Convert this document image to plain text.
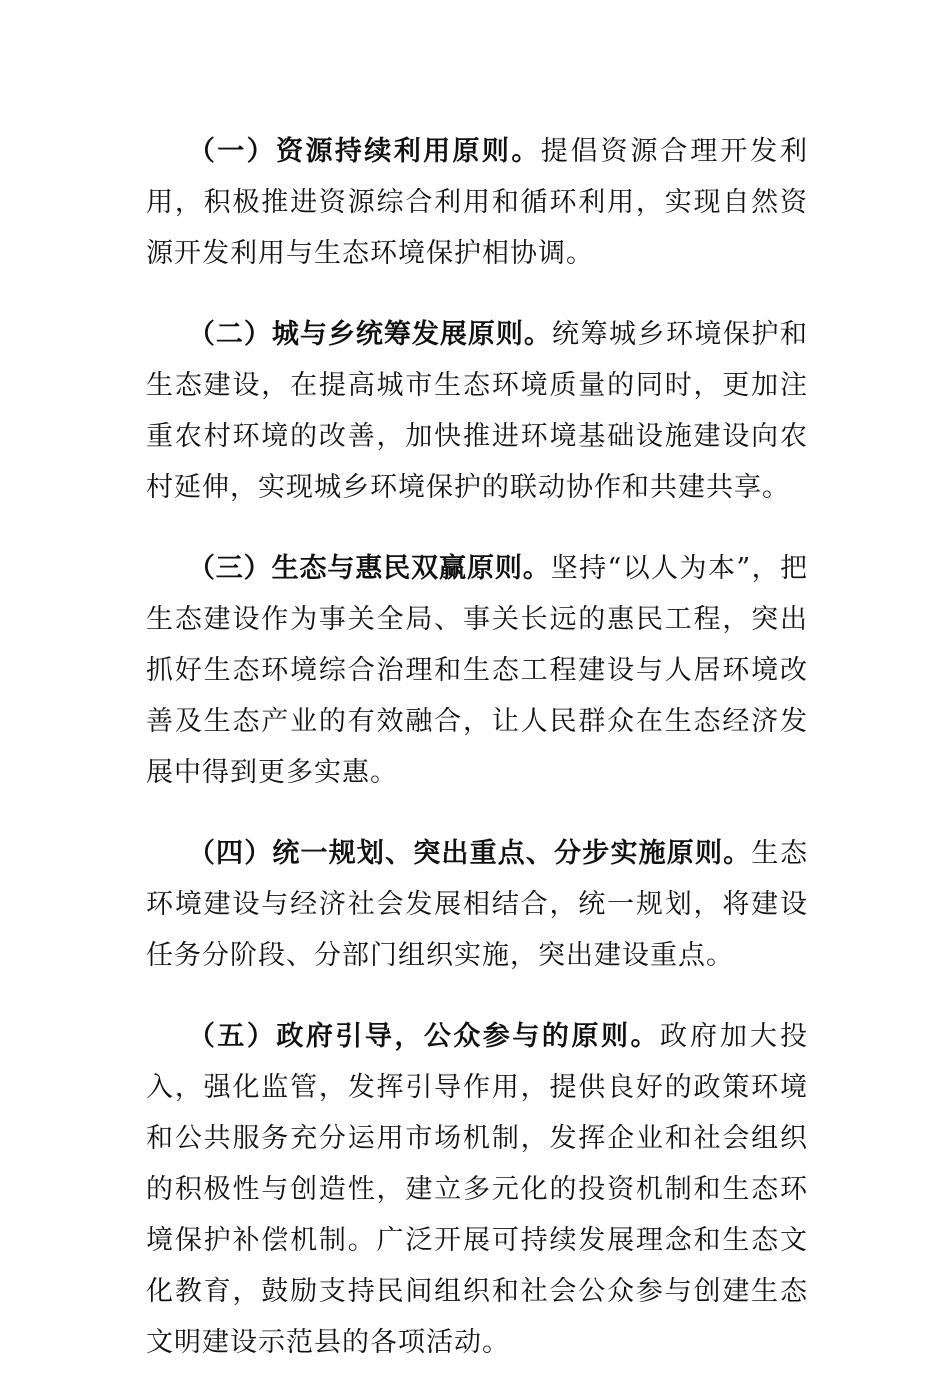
（一）资源持续利用原则。提倡资源合理开发利用，积极推进资源综合利用和循环利用，实现自然资源开发利用与生态环境保护相协调。

（二）城与乡统筹发展原则。统筹城乡环境保护和生态建设，在提高城市生态环境质量的同时，更加注重农村环境的改善，加快推进环境基础设施建设向农村延伸，实现城乡环境保护的联动协作和共建共享。

（三）生态与惠民双赢原则。坚持“以人为本”，把生态建设作为事关全局、事关长远的惠民工程，突出抓好生态环境综合治理和生态工程建设与人居环境改善及生态产业的有效融合，让人民群众在生态经济发展中得到更多实惠。

（四）统一规划、突出重点、分步实施原则。生态环境建设与经济社会发展相结合，统一规划，将建设任务分阶段、分部门组织实施，突出建设重点。

（五）政府引导，公众参与的原则。政府加大投入，强化监管，发挥引导作用，提供良好的政策环境和公共服务充分运用市场机制，发挥企业和社会组织的积极性与创造性，建立多元化的投资机制和生态环境保护补偿机制。广泛开展可持续发展理念和生态文化教育，鼓励支持民间组织和社会公众参与创建生态文明建设示范县的各项活动。
